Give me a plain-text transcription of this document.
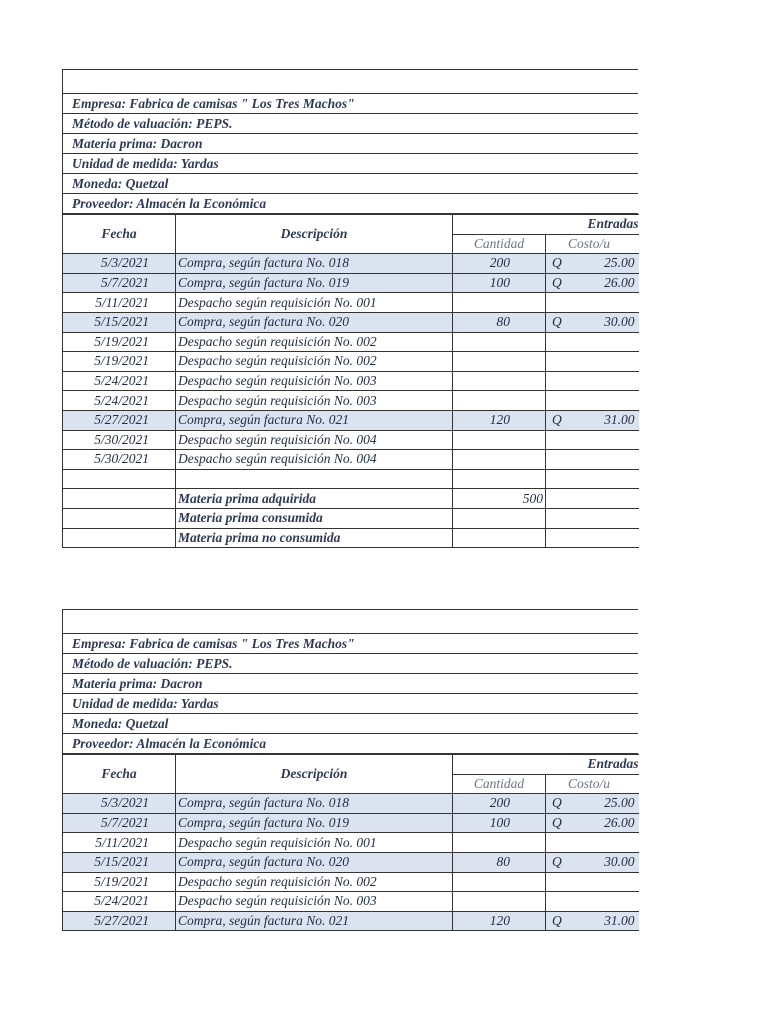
Empresa: Fabrica de camisas " Los Tres Machos"
Método de valuación: PEPS.
Materia prima: Dacron
Unidad de medida: Yardas
Moneda: Quetzal
Proveedor: Almacén la Económica
Fecha	Descripción	Entradas	
		Cantidad	Costo/u
5/3/2021	Compra, según factura No. 018	200	Q 25.00

5/7/2021	Compra, según factura No. 019	100	Q 26.00

5/11/2021	Despacho según requisición No. 001		

5/15/2021	Compra, según factura No. 020	80	Q 30.00

5/19/2021	Despacho según requisición No. 002		

5/19/2021	Despacho según requisición No. 002		

5/24/2021	Despacho según requisición No. 003		

5/24/2021	Despacho según requisición No. 003		

5/27/2021	Compra, según factura No. 021	120	Q 31.00

5/30/2021	Despacho según requisición No. 004		

5/30/2021	Despacho según requisición No. 004		

	Materia prima adquirida	500	
	Materia prima consumida		
	Materia prima no consumida		
Empresa: Fabrica de camisas " Los Tres Machos"
Método de valuación: PEPS.
Materia prima: Dacron
Unidad de medida: Yardas
Moneda: Quetzal
Proveedor: Almacén la Económica
Fecha	Descripción	Entradas	
		Cantidad	Costo/u
5/3/2021	Compra, según factura No. 018	200	Q 25.00

5/7/2021	Compra, según factura No. 019	100	Q 26.00

5/11/2021	Despacho según requisición No. 001		

5/15/2021	Compra, según factura No. 020	80	Q 30.00

5/19/2021	Despacho según requisición No. 002		

5/24/2021	Despacho según requisición No. 003		

5/27/2021	Compra, según factura No. 021	120	Q 31.00
